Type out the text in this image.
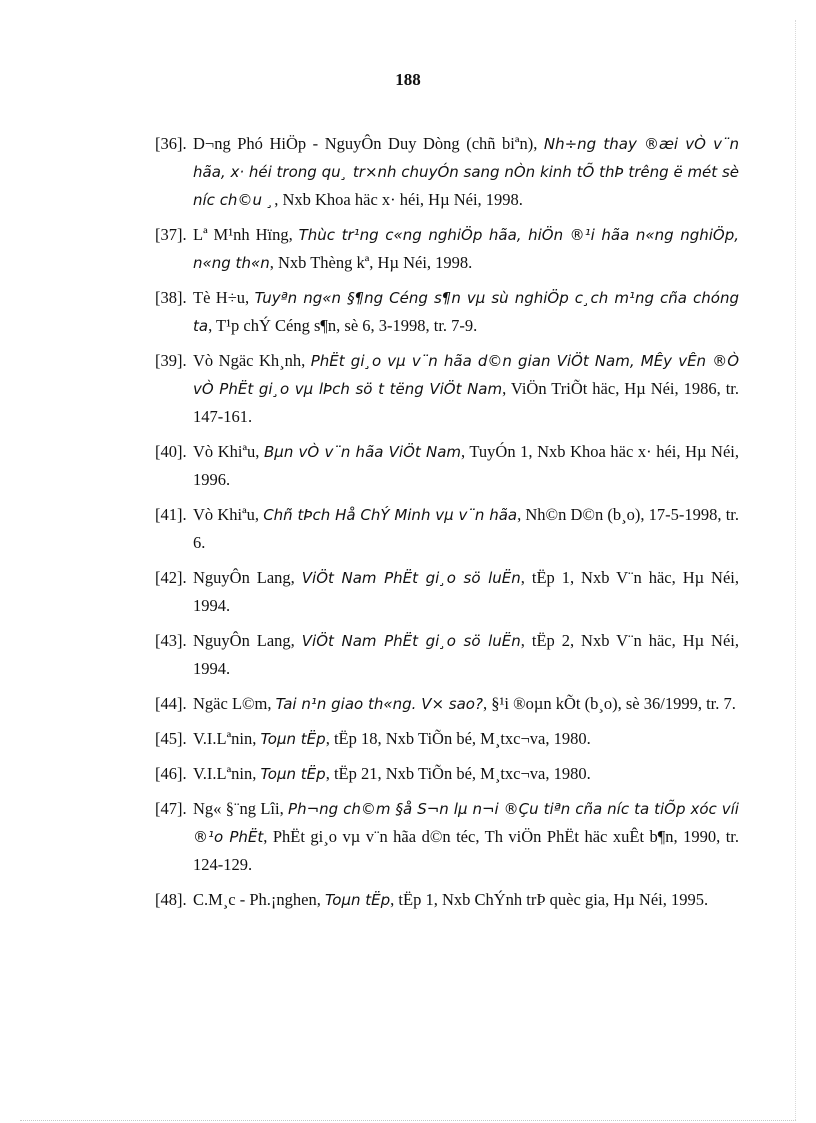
188
[36]. D¬ng Phó HiÖp - NguyÔn Duy Dòng (chñ biªn), Nh÷ng thay ®æi vÒ v¨n hãa, x· héi trong qu¸ tr×nh chuyÓn sang nÒn kinh tÕ thÞ trêng ë mét sè níc ch©u ¸, Nxb Khoa häc x· héi, Hµ Néi, 1998.
[37]. Lª M¹nh Hïng, Thùc tr¹ng c«ng nghiÖp hãa, hiÖn ®¹i hãa n«ng nghiÖp, n«ng th«n, Nxb Thèng kª, Hµ Néi, 1998.
[38]. Tè H÷u, Tuyªn ng«n §¶ng Céng s¶n vµ sù nghiÖp c¸ch m¹ng cña chóng ta, T¹p chÝ Céng s¶n, sè 6, 3-1998, tr. 7-9.
[39]. Vò Ngäc Kh¸nh, PhËt gi¸o vµ v¨n hãa d©n gian ViÖt Nam, MÊy vÊn ®Ò vÒ PhËt gi¸o vµ lÞch sö t tëng ViÖt Nam, ViÖn TriÕt häc, Hµ Néi, 1986, tr. 147-161.
[40]. Vò Khiªu, Bµn vÒ v¨n hãa ViÖt Nam, TuyÓn 1, Nxb Khoa häc x· héi, Hµ Néi, 1996.
[41]. Vò Khiªu, Chñ tÞch Hå ChÝ Minh vµ v¨n hãa, Nh©n D©n (b¸o), 17-5-1998, tr. 6.
[42]. NguyÔn Lang, ViÖt Nam PhËt gi¸o sö luËn, tËp 1, Nxb V¨n häc, Hµ Néi, 1994.
[43]. NguyÔn Lang, ViÖt Nam PhËt gi¸o sö luËn, tËp 2, Nxb V¨n häc, Hµ Néi, 1994.
[44]. Ngäc L©m, Tai n¹n giao th«ng. V× sao?, §¹i ®oµn kÕt (b¸o), sè 36/1999, tr. 7.
[45]. V.I.Lªnin, Toµn tËp, tËp 18, Nxb TiÕn bé, M¸txc¬va, 1980.
[46]. V.I.Lªnin, Toµn tËp, tËp 21, Nxb TiÕn bé, M¸txc¬va, 1980.
[47]. Ng« §¨ng Lîi, Ph¬ng ch©m §å S¬n lµ n¬i ®Çu tiªn cña níc ta tiÕp xóc víi ®¹o PhËt, PhËt gi¸o vµ v¨n hãa d©n téc, Th viÖn PhËt häc xuÊt b¶n, 1990, tr. 124-129.
[48]. C.M¸c - Ph.¡nghen, Toµn tËp, tËp 1, Nxb ChÝnh trÞ quèc gia, Hµ Néi, 1995.
